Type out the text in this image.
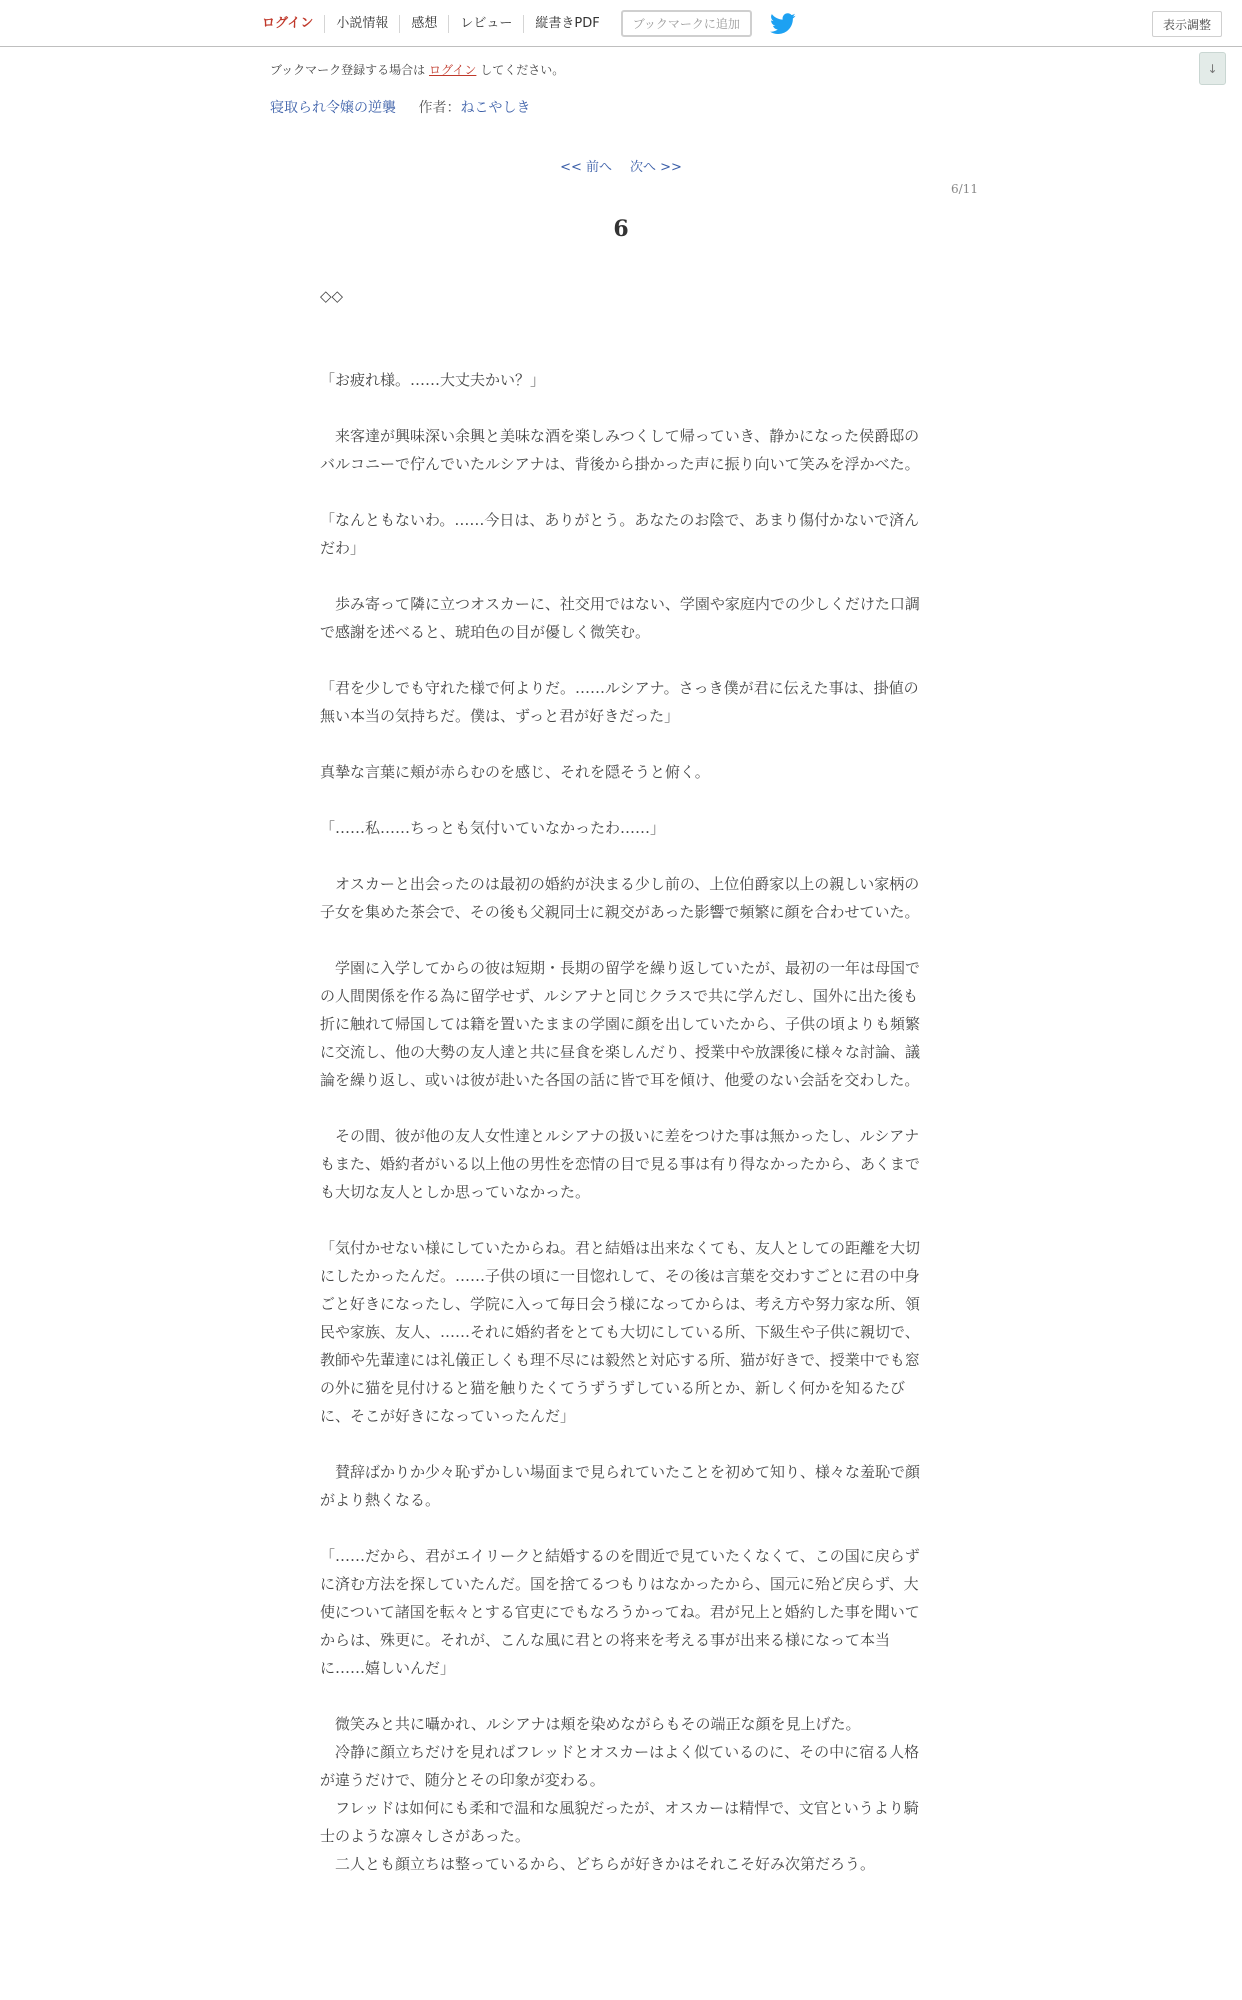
ログイン	小説情報	感想	レビュー	縦書きPDF	ブックマークに追加	表示調整
↓
ブックマーク登録する場合は ログイン してください。
寝取られ令嬢の逆襲 作者：ねこやしき
<< 前へ 次へ >>
6/11
6

◇◇

「お疲れ様。……大丈夫かい？」

　来客達が興味深い余興と美味な酒を楽しみつくして帰っていき、静かになった侯爵邸のバルコニーで佇んでいたルシアナは、背後から掛かった声に振り向いて笑みを浮かべた。

「なんともないわ。……今日は、ありがとう。あなたのお陰で、あまり傷付かないで済んだわ」

　歩み寄って隣に立つオスカーに、社交用ではない、学園や家庭内での少しくだけた口調で感謝を述べると、琥珀色の目が優しく微笑む。

「君を少しでも守れた様で何よりだ。……ルシアナ。さっき僕が君に伝えた事は、掛値の無い本当の気持ちだ。僕は、ずっと君が好きだった」

真摯な言葉に頬が赤らむのを感じ、それを隠そうと俯く。

「……私……ちっとも気付いていなかったわ……」

　オスカーと出会ったのは最初の婚約が決まる少し前の、上位伯爵家以上の親しい家柄の子女を集めた茶会で、その後も父親同士に親交があった影響で頻繁に顔を合わせていた。

　学園に入学してからの彼は短期・長期の留学を繰り返していたが、最初の一年は母国での人間関係を作る為に留学せず、ルシアナと同じクラスで共に学んだし、国外に出た後も折に触れて帰国しては籍を置いたままの学園に顔を出していたから、子供の頃よりも頻繁に交流し、他の大勢の友人達と共に昼食を楽しんだり、授業中や放課後に様々な討論、議論を繰り返し、或いは彼が赴いた各国の話に皆で耳を傾け、他愛のない会話を交わした。

　その間、彼が他の友人女性達とルシアナの扱いに差をつけた事は無かったし、ルシアナもまた、婚約者がいる以上他の男性を恋情の目で見る事は有り得なかったから、あくまでも大切な友人としか思っていなかった。

「気付かせない様にしていたからね。君と結婚は出来なくても、友人としての距離を大切にしたかったんだ。……子供の頃に一目惚れして、その後は言葉を交わすごとに君の中身ごと好きになったし、学院に入って毎日会う様になってからは、考え方や努力家な所、領民や家族、友人、……それに婚約者をとても大切にしている所、下級生や子供に親切で、教師や先輩達には礼儀正しくも理不尽には毅然と対応する所、猫が好きで、授業中でも窓の外に猫を見付けると猫を触りたくてうずうずしている所とか、新しく何かを知るたびに、そこが好きになっていったんだ」

　賛辞ばかりか少々恥ずかしい場面まで見られていたことを初めて知り、様々な羞恥で顔がより熱くなる。

「……だから、君がエイリークと結婚するのを間近で見ていたくなくて、この国に戻らずに済む方法を探していたんだ。国を捨てるつもりはなかったから、国元に殆ど戻らず、大使について諸国を転々とする官吏にでもなろうかってね。君が兄上と婚約した事を聞いてからは、殊更に。それが、こんな風に君との将来を考える事が出来る様になって本当に……嬉しいんだ」

　微笑みと共に囁かれ、ルシアナは頬を染めながらもその端正な顔を見上げた。

　冷静に顔立ちだけを見ればフレッドとオスカーはよく似ているのに、その中に宿る人格が違うだけで、随分とその印象が変わる。

　フレッドは如何にも柔和で温和な風貌だったが、オスカーは精悍で、文官というより騎士のような凛々しさがあった。

　二人とも顔立ちは整っているから、どちらが好きかはそれこそ好み次第だろう。
